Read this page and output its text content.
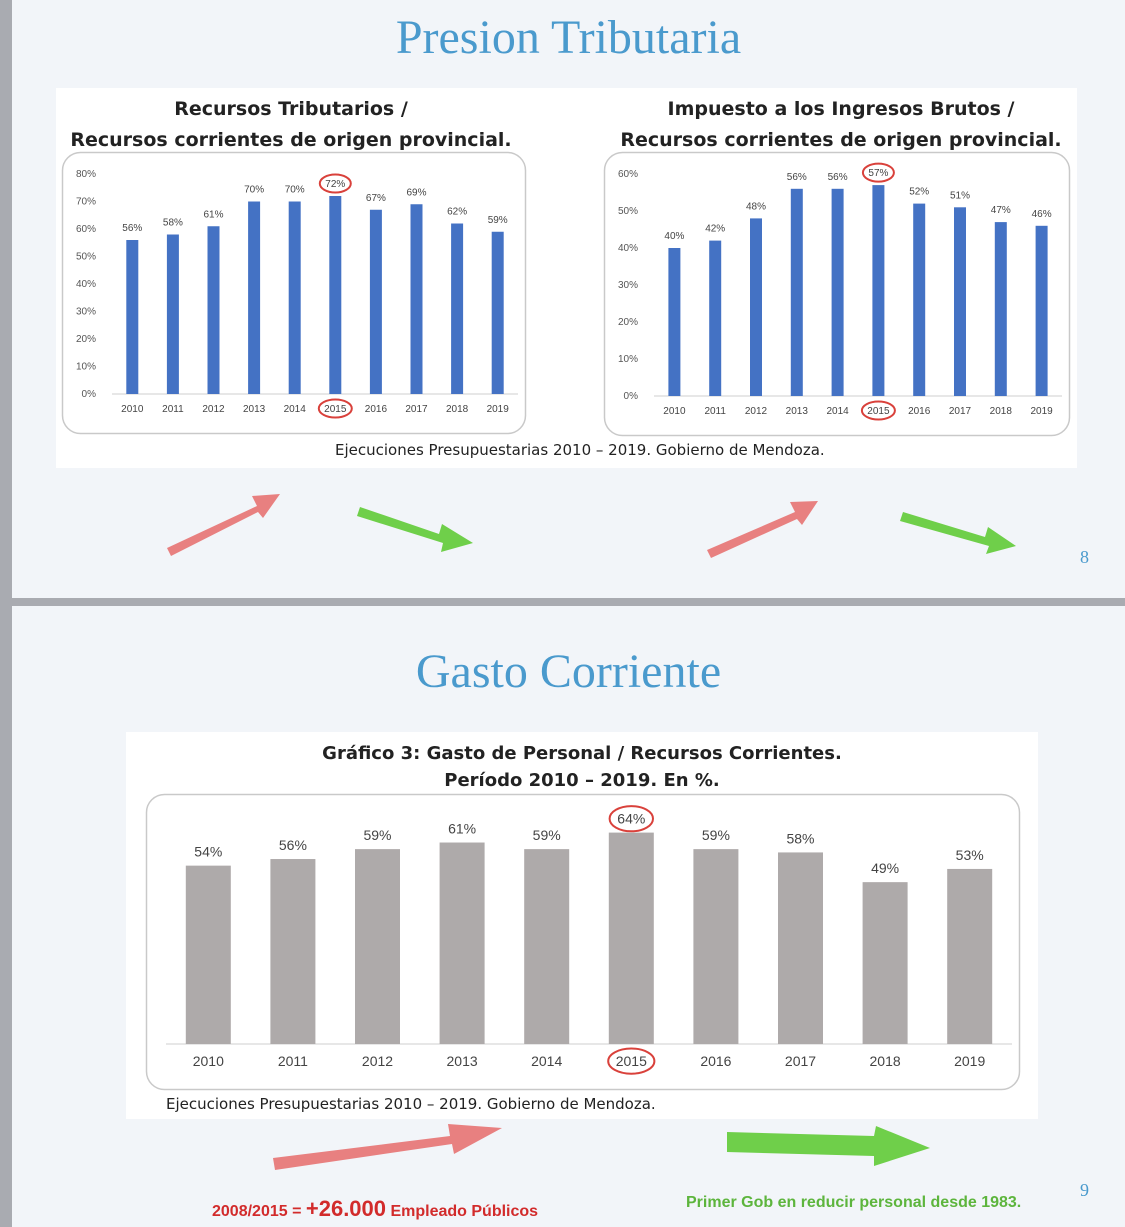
Presion Tributaria
Recursos Tributarios /
Recursos corrientes de origen provincial.
0%
10%
20%
30%
40%
50%
60%
70%
80%
56%
2010
58%
2011
61%
2012
70%
2013
70%
2014
72%
2015
67%
2016
69%
2017
62%
2018
59%
2019
Impuesto a los Ingresos Brutos /
Recursos corrientes de origen provincial.
0%
10%
20%
30%
40%
50%
60%
40%
2010
42%
2011
48%
2012
56%
2013
56%
2014
57%
2015
52%
2016
51%
2017
47%
2018
46%
2019
Ejecuciones Presupuestarias 2010 – 2019. Gobierno de Mendoza.
8
Gasto Corriente
Gráfico 3: Gasto de Personal / Recursos Corrientes.
Período 2010 – 2019. En %.
54%
2010
56%
2011
59%
2012
61%
2013
59%
2014
64%
2015
59%
2016
58%
2017
49%
2018
53%
2019
Ejecuciones Presupuestarias 2010 – 2019. Gobierno de Mendoza.
2008/2015 = +26.000 Empleado Públicos
Primer Gob en reducir personal desde 1983.
9
